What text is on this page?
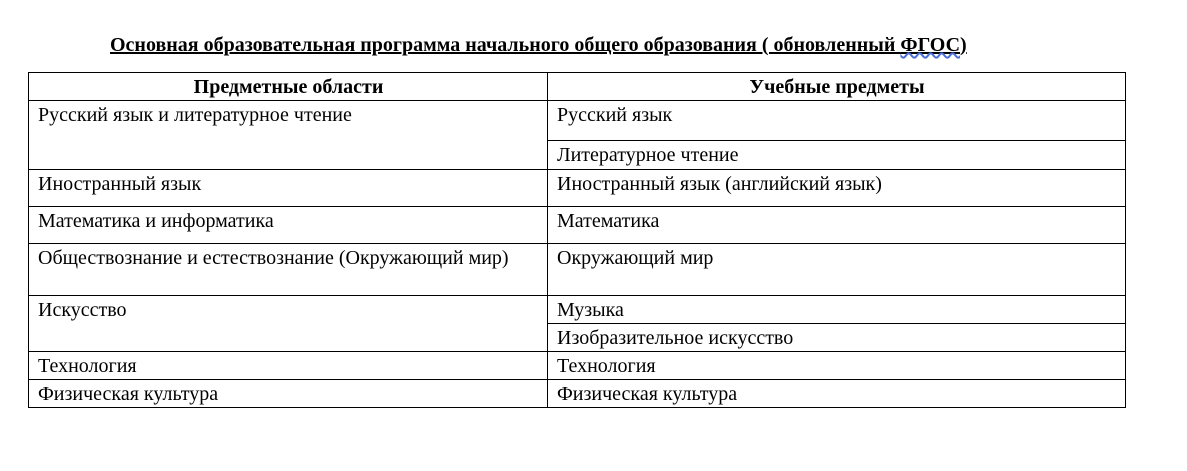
Основная образовательная программа начального общего образования ( обновленный ФГОС)
Предметные области	Учебные предметы
Русский язык и литературное чтение	Русский язык
	Литературное чтение
Иностранный язык	Иностранный язык (английский язык)
Математика и информатика	Математика
Обществознание и естествознание (Окружающий мир)	Окружающий мир
Искусство	Музыка
	Изобразительное искусство
Технология	Технология
Физическая культура	Физическая культура
